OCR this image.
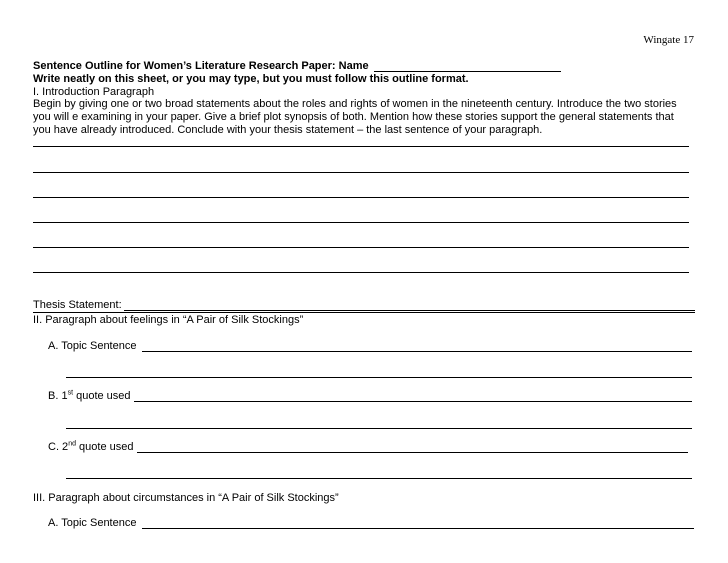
Wingate 17
Sentence Outline for Women’s Literature Research Paper: Name
Write neatly on this sheet, or you may type, but you must follow this outline format.
I. Introduction Paragraph
Begin by giving one or two broad statements about the roles and rights of women in the nineteenth century. Introduce the two stories
you will e examining in your paper. Give a brief plot synopsis of both. Mention how these stories support the general statements that
you have already introduced. Conclude with your thesis statement – the last sentence of your paragraph.
Thesis Statement:
II. Paragraph about feelings in “A Pair of Silk Stockings”
A. Topic Sentence
B. 1st quote used
C. 2nd quote used
III. Paragraph about circumstances in “A Pair of Silk Stockings”
A. Topic Sentence
